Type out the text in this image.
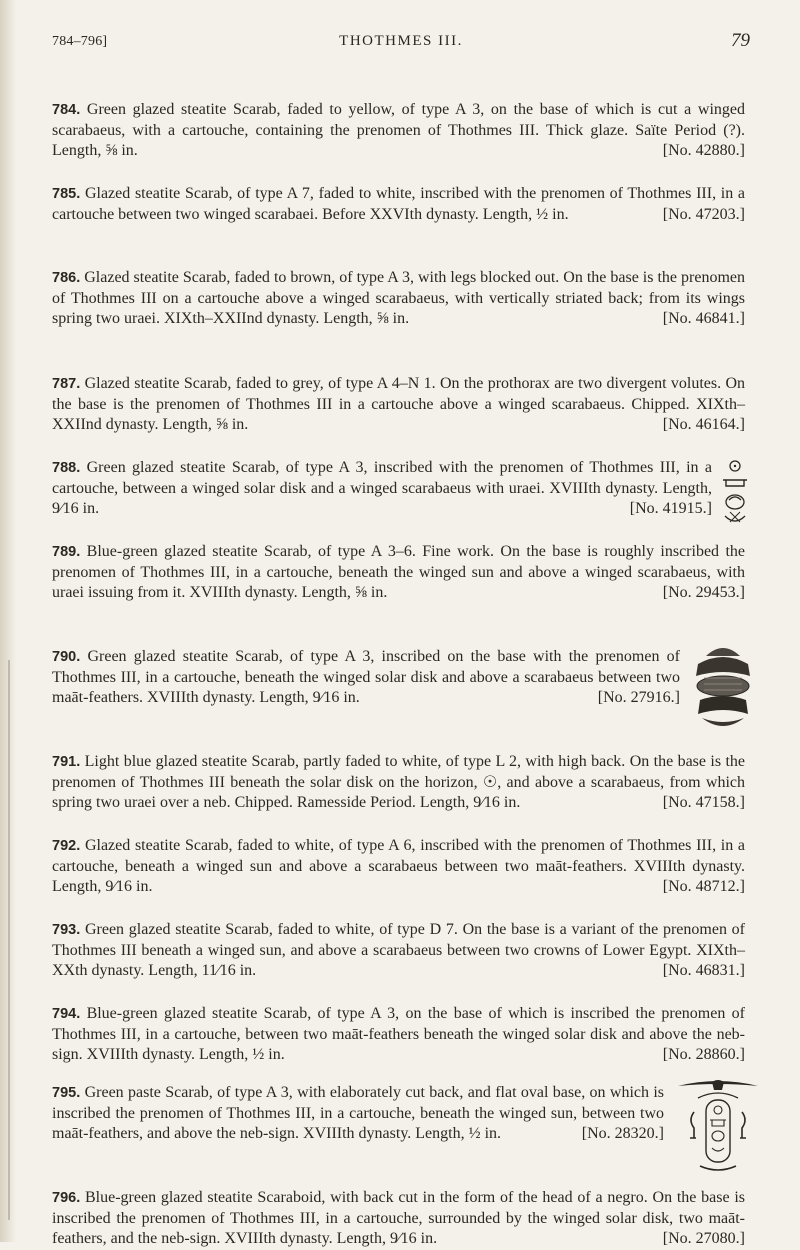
784–796]	THOTHMES III.	79
784. Green glazed steatite Scarab, faded to yellow, of type A 3, on the base of which is cut a winged scarabaeus, with a cartouche, containing the prenomen of Thothmes III. Thick glaze. Saïte Period (?). Length, ⅝ in.	[No. 42880.]
785. Glazed steatite Scarab, of type A 7, faded to white, inscribed with the prenomen of Thothmes III, in a cartouche between two winged scarabaei. Before XXVIth dynasty. Length, ½ in.	[No. 47203.]
786. Glazed steatite Scarab, faded to brown, of type A 3, with legs blocked out. On the base is the prenomen of Thothmes III on a cartouche above a winged scarabaeus, with vertically striated back; from its wings spring two uraei. XIXth–XXIInd dynasty. Length, ⅝ in.	[No. 46841.]
787. Glazed steatite Scarab, faded to grey, of type A 4–N 1. On the prothorax are two divergent volutes. On the base is the prenomen of Thothmes III in a cartouche above a winged scarabaeus. Chipped. XIXth–XXIInd dynasty. Length, ⅝ in.	[No. 46164.]
788. Green glazed steatite Scarab, of type A 3, inscribed with the prenomen of Thothmes III, in a cartouche, between a winged solar disk and a winged scarabaeus with uraei. XVIIIth dynasty. Length, 9⁄16 in.	[No. 41915.]
789. Blue-green glazed steatite Scarab, of type A 3–6. Fine work. On the base is roughly inscribed the prenomen of Thothmes III, in a cartouche, beneath the winged sun and above a winged scarabaeus, with uraei issuing from it. XVIIIth dynasty. Length, ⅝ in.	[No. 29453.]
790. Green glazed steatite Scarab, of type A 3, inscribed on the base with the prenomen of Thothmes III, in a cartouche, beneath the winged solar disk and above a scarabaeus between two maāt-feathers. XVIIIth dynasty. Length, 9⁄16 in.	[No. 27916.]
791. Light blue glazed steatite Scarab, partly faded to white, of type L 2, with high back. On the base is the prenomen of Thothmes III beneath the solar disk on the horizon, ☉, and above a scarabaeus, from which spring two uraei over a neb. Chipped. Ramesside Period. Length, 9⁄16 in.	[No. 47158.]
792. Glazed steatite Scarab, faded to white, of type A 6, inscribed with the prenomen of Thothmes III, in a cartouche, beneath a winged sun and above a scarabaeus between two maāt-feathers. XVIIIth dynasty. Length, 9⁄16 in.	[No. 48712.]
793. Green glazed steatite Scarab, faded to white, of type D 7. On the base is a variant of the prenomen of Thothmes III beneath a winged sun, and above a scarabaeus between two crowns of Lower Egypt. XIXth–XXth dynasty. Length, 11⁄16 in.	[No. 46831.]
794. Blue-green glazed steatite Scarab, of type A 3, on the base of which is inscribed the prenomen of Thothmes III, in a cartouche, between two maāt-feathers beneath the winged solar disk and above the neb-sign. XVIIIth dynasty. Length, ½ in.	[No. 28860.]
795. Green paste Scarab, of type A 3, with elaborately cut back, and flat oval base, on which is inscribed the prenomen of Thothmes III, in a cartouche, beneath the winged sun, between two maāt-feathers, and above the neb-sign. XVIIIth dynasty. Length, ½ in.	[No. 28320.]
796. Blue-green glazed steatite Scaraboid, with back cut in the form of the head of a negro. On the base is inscribed the prenomen of Thothmes III, in a cartouche, surrounded by the winged solar disk, two maāt-feathers, and the neb-sign. XVIIIth dynasty. Length, 9⁄16 in.	[No. 27080.]
